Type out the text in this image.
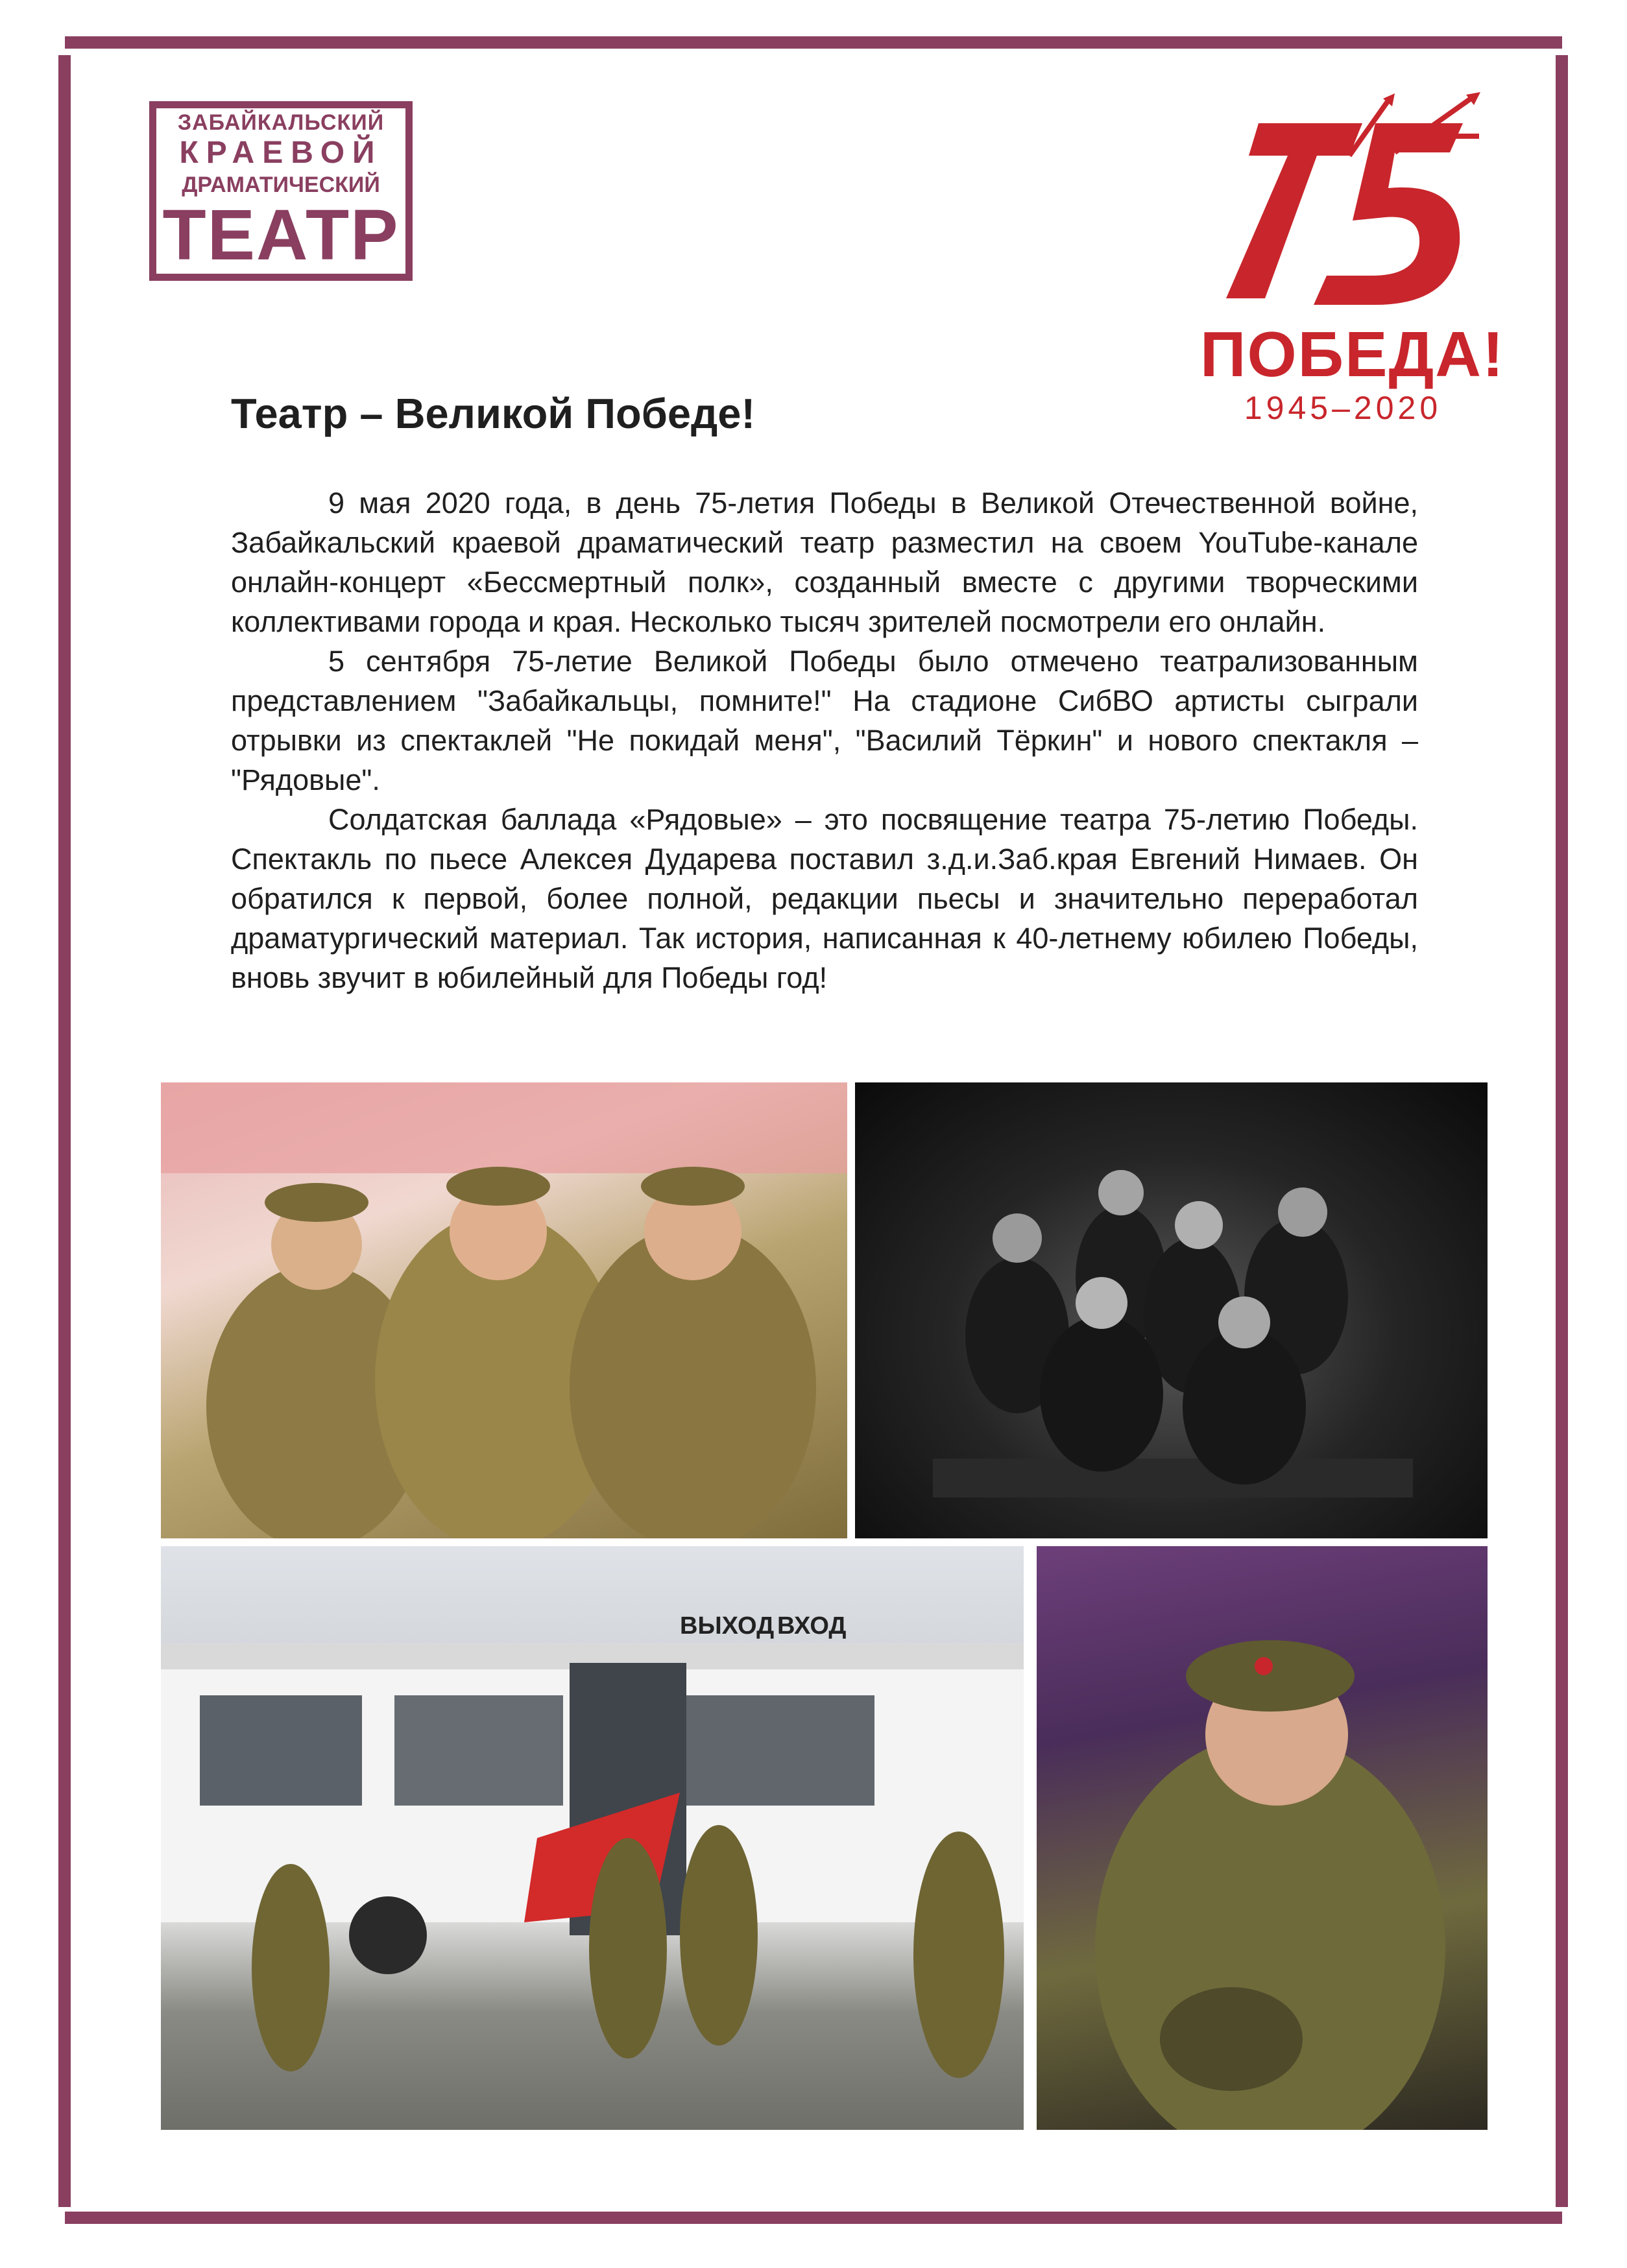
ЗАБАЙКАЛЬСКИЙ
КРАЕВОЙ
ДРАМАТИЧЕСКИЙ
ТЕАТР
ПОБЕДА!
1945–2020
Театр – Великой Победе!

9 мая 2020 года, в день 75-летия Победы в Великой Отечественной войне, Забайкальский краевой драматический театр разместил на своем YouTube-канале онлайн-концерт «Бессмертный полк», созданный вместе с другими творческими коллективами города и края. Несколько тысяч зрителей посмотрели его онлайн.

5 сентября 75-летие Великой Победы было отмечено театрализованным представлением "Забайкальцы, помните!" На стадионе СибВО артисты сыграли отрывки из спектаклей "Не покидай меня", "Василий Тёркин" и нового спектакля – "Рядовые".

Солдатская баллада «Рядовые» – это посвящение театра 75-летию Победы. Спектакль по пьесе Алексея Дударева поставил з.д.и.Заб.края Евгений Нимаев. Он обратился к первой, более полной, редакции пьесы и значительно переработал драматургический материал. Так история, написанная к 40-летнему юбилею Победы, вновь звучит в юбилейный для Победы год!

ВЫХОД ВХОД
